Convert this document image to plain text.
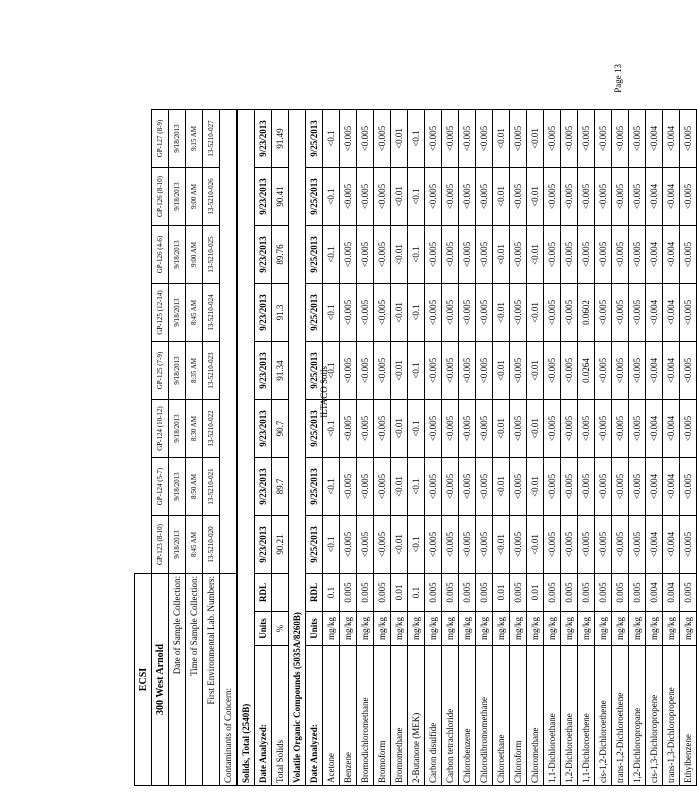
Page 13
ILTACO Soils
ECSI										
300 West Arnold			GP-123 (8-10)	GP-124 (5-7)	GP-124 (10-12)	GP-125 (7-9)	GP-125 (12-14)	GP-126 (4-6)	GP-126 (8-10)	GP-127 (8-9)
Date of Sample Collection:			9/18/2013	9/18/2013	9/18/2013	9/18/2013	9/18/2013	9/18/2013	9/18/2013	9/18/2013
Time of Sample Collection:			8:45 AM	8:50 AM	8:30 AM	8:35 AM	8:45 AM	9:00 AM	9:00 AM	9:15 AM
First Environmental Lab. Numbers:			13-5210-020	13-5210-021	13-5210-022	13-5210-023	13-5210-024	13-5210-025	13-5210-026	13-5210-027
Contaminants of Concern:										
Solids, Total (2540B)										
Date Analyzed:	Units	RDL	9/23/2013	9/23/2013	9/23/2013	9/23/2013	9/23/2013	9/23/2013	9/23/2013	9/23/2013
Total Solids	%		90.21	89.7	90.7	91.34	91.3	89.76	90.41	91.49
Volatile Organic Compounds (5035A/8260B)										
Date Analyzed:	Units	RDL	9/25/2013	9/25/2013	9/25/2013	9/25/2013	9/25/2013	9/25/2013	9/25/2013	9/25/2013
Acetone	mg/kg	0.1	<0.1	<0.1	<0.1	<0.1	<0.1	<0.1	<0.1	<0.1
Benzene	mg/kg	0.005	<0.005	<0.005	<0.005	<0.005	<0.005	<0.005	<0.005	<0.005
Bromodichloromethane	mg/kg	0.005	<0.005	<0.005	<0.005	<0.005	<0.005	<0.005	<0.005	<0.005
Bromoform	mg/kg	0.005	<0.005	<0.005	<0.005	<0.005	<0.005	<0.005	<0.005	<0.005
Bromomethane	mg/kg	0.01	<0.01	<0.01	<0.01	<0.01	<0.01	<0.01	<0.01	<0.01
2-Butanone (MEK)	mg/kg	0.1	<0.1	<0.1	<0.1	<0.1	<0.1	<0.1	<0.1	<0.1
Carbon disulfide	mg/kg	0.005	<0.005	<0.005	<0.005	<0.005	<0.005	<0.005	<0.005	<0.005
Carbon tetrachloride	mg/kg	0.005	<0.005	<0.005	<0.005	<0.005	<0.005	<0.005	<0.005	<0.005
Chlorobenzene	mg/kg	0.005	<0.005	<0.005	<0.005	<0.005	<0.005	<0.005	<0.005	<0.005
Chlorodibromomethane	mg/kg	0.005	<0.005	<0.005	<0.005	<0.005	<0.005	<0.005	<0.005	<0.005
Chloroethane	mg/kg	0.01	<0.01	<0.01	<0.01	<0.01	<0.01	<0.01	<0.01	<0.01
Chloroform	mg/kg	0.005	<0.005	<0.005	<0.005	<0.005	<0.005	<0.005	<0.005	<0.005
Chloromethane	mg/kg	0.01	<0.01	<0.01	<0.01	<0.01	<0.01	<0.01	<0.01	<0.01
1,1-Dichloroethane	mg/kg	0.005	<0.005	<0.005	<0.005	<0.005	<0.005	<0.005	<0.005	<0.005
1,2-Dichloroethane	mg/kg	0.005	<0.005	<0.005	<0.005	<0.005	<0.005	<0.005	<0.005	<0.005
1,1-Dichloroethene	mg/kg	0.005	<0.005	<0.005	<0.005	0.0264	0.0602	<0.005	<0.005	<0.005
cis-1,2-Dichloroethene	mg/kg	0.005	<0.005	<0.005	<0.005	<0.005	<0.005	<0.005	<0.005	<0.005
trans-1,2-Dichloroethene	mg/kg	0.005	<0.005	<0.005	<0.005	<0.005	<0.005	<0.005	<0.005	<0.005
1,2-Dichloropropane	mg/kg	0.005	<0.005	<0.005	<0.005	<0.005	<0.005	<0.005	<0.005	<0.005
cis-1,3-Dichloropropene	mg/kg	0.004	<0.004	<0.004	<0.004	<0.004	<0.004	<0.004	<0.004	<0.004
trans-1,3-Dichloropropene	mg/kg	0.004	<0.004	<0.004	<0.004	<0.004	<0.004	<0.004	<0.004	<0.004
Ethylbenzene	mg/kg	0.005	<0.005	<0.005	<0.005	<0.005	<0.005	<0.005	<0.005	<0.005
